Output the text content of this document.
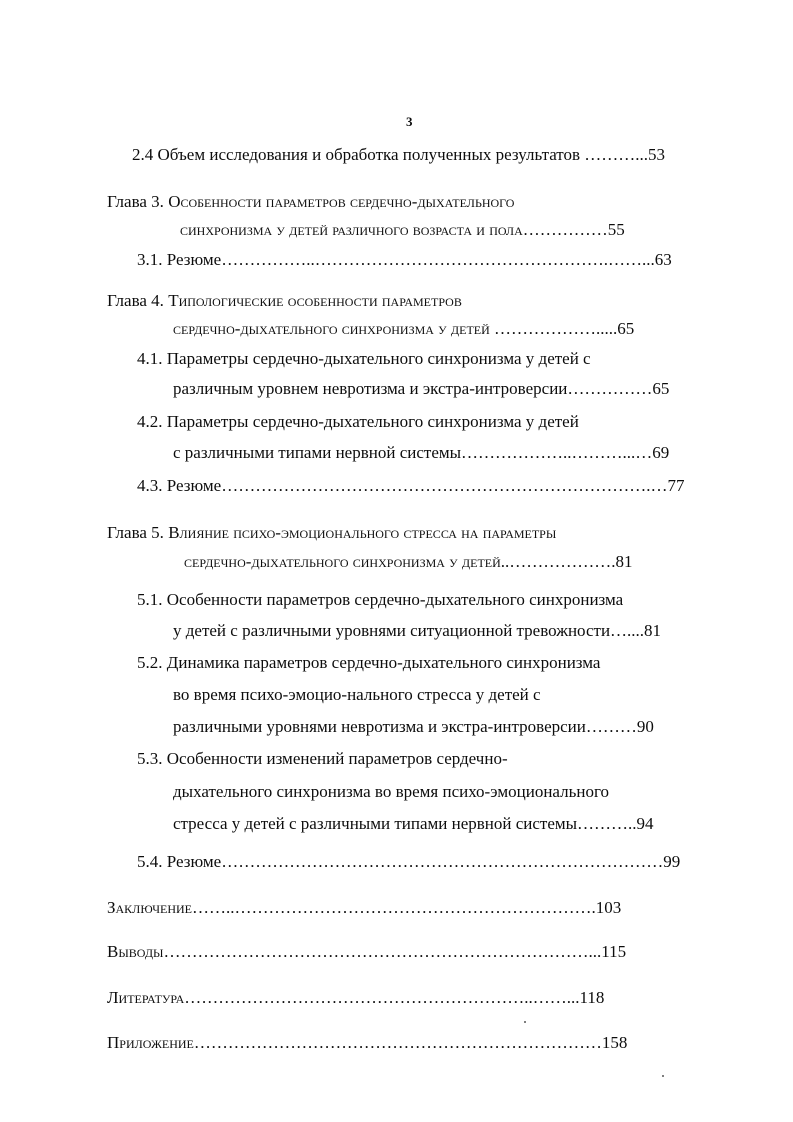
3
2.4 Объем исследования и обработка полученных результатов ………...53
Глава 3. Особенности параметров сердечно-дыхательного
синхронизма у детей различного возраста и пола……………55
3.1. Резюме……………..…………………………………………….……...63
Глава 4. Типологические особенности параметров
сердечно-дыхательного синхронизма у детей ……………….....65
4.1. Параметры сердечно-дыхательного синхронизма у детей с
различным уровнем невротизма и экстра-интроверсии……………65
4.2. Параметры сердечно-дыхательного синхронизма у детей
с различными типами нервной системы………………..………...…69
4.3. Резюме………………………………………………………………….…77
Глава 5. Влияние психо-эмоционального стресса на параметры
сердечно-дыхательного синхронизма у детей..……………….81
5.1. Особенности параметров сердечно-дыхательного синхронизма
у детей с различными уровнями ситуационной тревожности…....81
5.2. Динамика параметров сердечно-дыхательного синхронизма
во время психо-эмоцио-нального стресса у детей с
различными уровнями невротизма и экстра-интроверсии………90
5.3. Особенности изменений параметров сердечно-
дыхательного синхронизма во время психо-эмоционального
стресса у детей с различными типами нервной системы………..94
5.4. Резюме……………………………………………………………………99
Заключение……..……………………………………………………….103
Выводы…………………………………………………………………...115
Литература……………………………………………………..……...118
Приложение………………………………………………………………158
